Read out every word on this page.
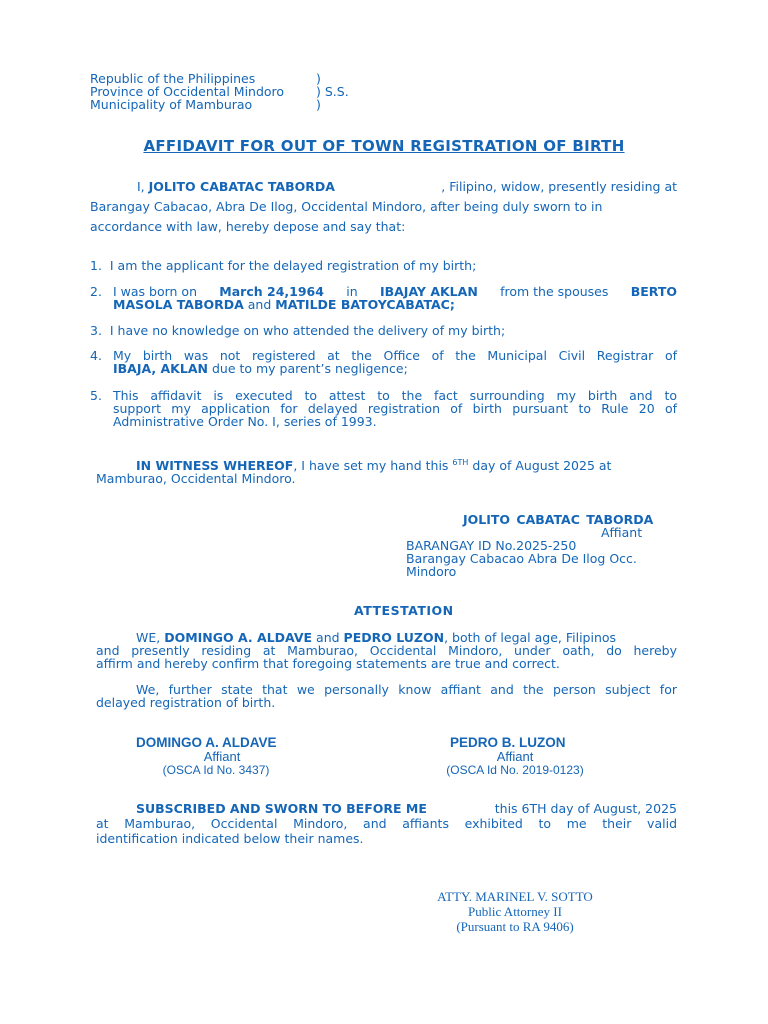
Republic of the Philippines
Province of Occidental Mindoro
Municipality of Mamburao
)
) S.S.
)
AFFIDAVIT FOR OUT OF TOWN REGISTRATION OF BIRTH
I, JOLITO CABATAC TABORDA	, Filipino, widow, presently residing at
Barangay Cabacao, Abra De Ilog, Occidental Mindoro, after being duly sworn to in
accordance with law, hereby depose and say that:
1. I am the applicant for the delayed registration of my birth;
2. I was born on March 24,1964 in IBAJAY AKLAN from the spouses BERTO
MASOLA TABORDA and MATILDE BATOYCABATAC;
3. I have no knowledge on who attended the delivery of my birth;
4. My birth was not registered at the Office of the Municipal Civil Registrar of
IBAJA, AKLAN due to my parent’s negligence;
5. This affidavit is executed to attest to the fact surrounding my birth and to
support my application for delayed registration of birth pursuant to Rule 20 of
Administrative Order No. I, series of 1993.
IN WITNESS WHEREOF, I have set my hand this $^{6TH}$ day of August 2025 at
Mamburao, Occidental Mindoro.
JOLITO CABATAC TABORDA
Affiant
BARANGAY ID No.2025-250
Barangay Cabacao Abra De Ilog Occ.
Mindoro
ATTESTATION
WE, DOMINGO A. ALDAVE and PEDRO LUZON, both of legal age, Filipinos
and presently residing at Mamburao, Occidental Mindoro, under oath, do hereby
affirm and hereby confirm that foregoing statements are true and correct.
We, further state that we personally know affiant and the person subject for
delayed registration of birth.
DOMINGO A. ALDAVE
Affiant
(OSCA Id No. 3437)
PEDRO B. LUZON
Affiant
(OSCA Id No. 2019-0123)
SUBSCRIBED AND SWORN TO BEFORE ME	this 6TH day of August, 2025
at Mamburao, Occidental Mindoro, and affiants exhibited to me their valid
identification indicated below their names.
ATTY. MARINEL V. SOTTO
Public Attorney II
(Pursuant to RA 9406)
